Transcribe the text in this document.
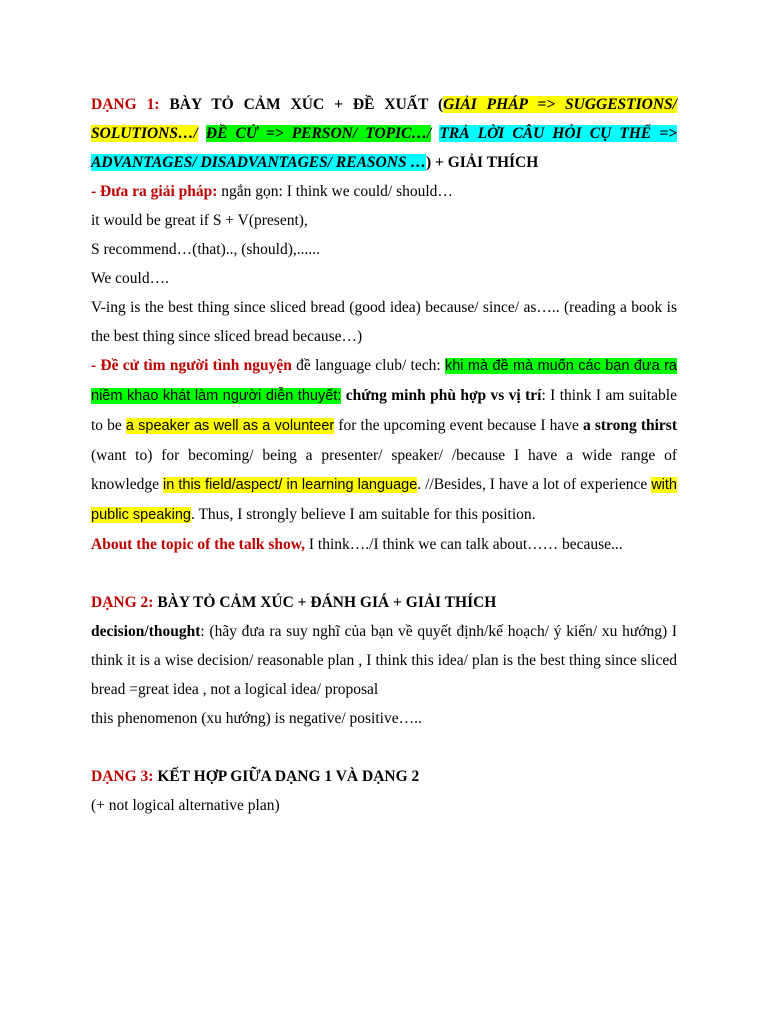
DẠNG 1: BÀY TỎ CẢM XÚC + ĐỀ XUẤT (GIẢI PHÁP => SUGGESTIONS/ SOLUTIONS…/ ĐỀ CỬ => PERSON/ TOPIC…/ TRẢ LỜI CÂU HỎI CỤ THỂ => ADVANTAGES/ DISADVANTAGES/ REASONS …) + GIẢI THÍCH

- Đưa ra giải pháp: ngắn gọn: I think we could/ should…

it would be great if S + V(present),

S recommend…(that).., (should),......

We could….

V-ing is the best thing since sliced bread (good idea) because/ since/ as….. (reading a book is the best thing since sliced bread because…)

- Đề cử tìm người tình nguyện đề language club/ tech: khi mà đề mà muốn các bạn đưa ra niềm khao khát làm người diễn thuyết: chứng minh phù hợp vs vị trí: I think I am suitable to be a speaker as well as a volunteer for the upcoming event because I have a strong thirst (want to) for becoming/ being a presenter/ speaker/ /because I have a wide range of knowledge in this field/aspect/ in learning language. //Besides, I have a lot of experience with public speaking. Thus, I strongly believe I am suitable for this position.

About the topic of the talk show, I think…./I think we can talk about…… because...

DẠNG 2: BÀY TỎ CẢM XÚC + ĐÁNH GIÁ + GIẢI THÍCH

decision/thought: (hãy đưa ra suy nghĩ của bạn về quyết định/kế hoạch/ ý kiến/ xu hướng) I think it is a wise decision/ reasonable plan , I think this idea/ plan is the best thing since sliced bread =great idea , not a logical idea/ proposal

this phenomenon (xu hướng) is negative/ positive…..

DẠNG 3: KẾT HỢP GIỮA DẠNG 1 VÀ DẠNG 2

(+ not logical alternative plan)
